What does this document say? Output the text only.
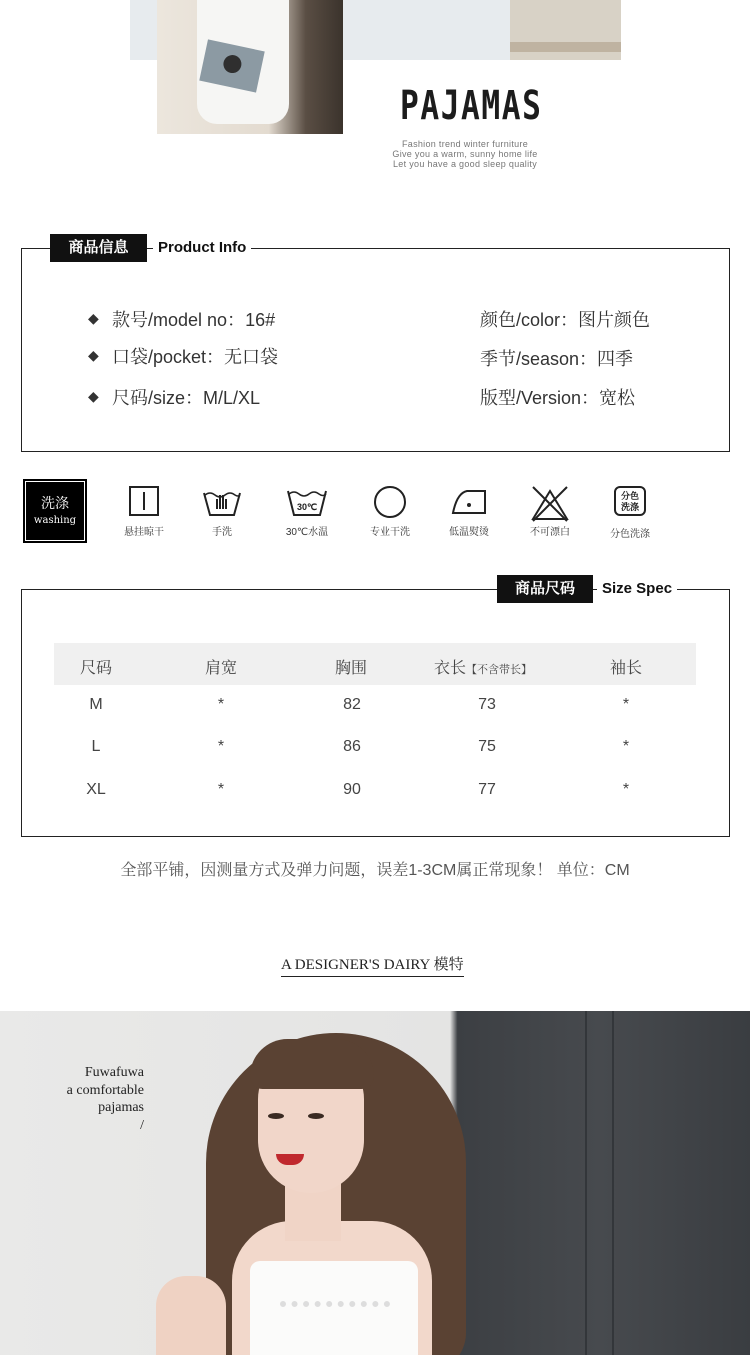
PAJAMAS
Fashion trend winter furniture
Give you a warm, sunny home life
Let you have a good sleep quality
商品信息	Product Info
◆ 款号/model no：16#
◆ 口袋/pocket：无口袋
◆ 尺码/size：M/L/XL
颜色/color：图片颜色
季节/season：四季
版型/Version：宽松
洗涤
washing
悬挂晾干	手洗
30℃
30℃水温	专业干洗	低温熨烫	不可漂白
分色
洗涤
分色洗涤
商品尺码	Size Spec
尺码	肩宽	胸围	衣长【不含带长】	袖长
M	*	82	73	*
L	*	86	75	*
XL	*	90	77	*
全部平铺，因测量方式及弹力问题，误差1-3CM属正常现象！ 单位：CM
A DESIGNER'S DAIRY 模特
Fuwafuwa
a comfortable
pajamas
/
